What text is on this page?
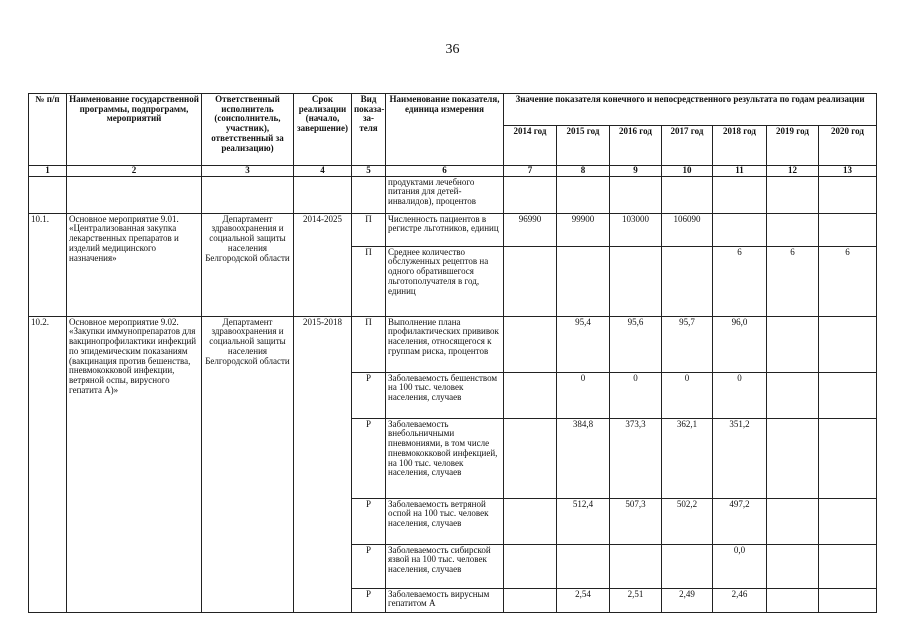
36
№ п/п	Наименование государственной программы, подпрограмм, мероприятий	Ответственный исполнитель (соисполнитель, участник), ответственный за реализацию)	Срок реализации (начало, завершение)	Вид показа-за-теля	Наименование показателя, единица измерения	Значение показателя конечного и непосредственного результата по годам реализации						
						2014 год	2015 год	2016 год	2017 год	2018 год	2019 год	2020 год
1	2	3	4	5	6	7	8	9	10	11	12	13
					продуктами лечебного питания для детей-инвалидов), процентов							
10.1.	Основное мероприятие 9.01. «Централизованная закупка лекарственных препаратов и изделий медицинского назначения»	Департамент здравоохранения и социальной защиты населения Белгородской области	2014-2025	П	Численность пациентов в регистре льготников, единиц	96990	99900	103000	106090			
				П	Среднее количество обслуженных рецептов на одного обратившегося льготополучателя в год, единиц					6	6	6
10.2.	Основное мероприятие 9.02. «Закупки иммунопрепаратов для вакцинопрофилактики инфекций по эпидемическим показаниям (вакцинация против бешенства, пневмококковой инфекции, ветряной оспы, вирусного гепатита А)»	Департамент здравоохранения и социальной защиты населения Белгородской области	2015-2018	П	Выполнение плана профилактических прививок населения, относящегося к группам риска, процентов		95,4	95,6	95,7	96,0		
				Р	Заболеваемость бешенством на 100 тыс. человек населения, случаев		0	0	0	0		
				Р	Заболеваемость внебольничными пневмониями, в том числе пневмококковой инфекцией, на 100 тыс. человек населения, случаев		384,8	373,3	362,1	351,2		
				Р	Заболеваемость ветряной оспой на 100 тыс. человек населения, случаев		512,4	507,3	502,2	497,2		
				Р	Заболеваемость сибирской язвой на 100 тыс. человек населения, случаев					0,0		
				Р	Заболеваемость вирусным гепатитом А		2,54	2,51	2,49	2,46		
